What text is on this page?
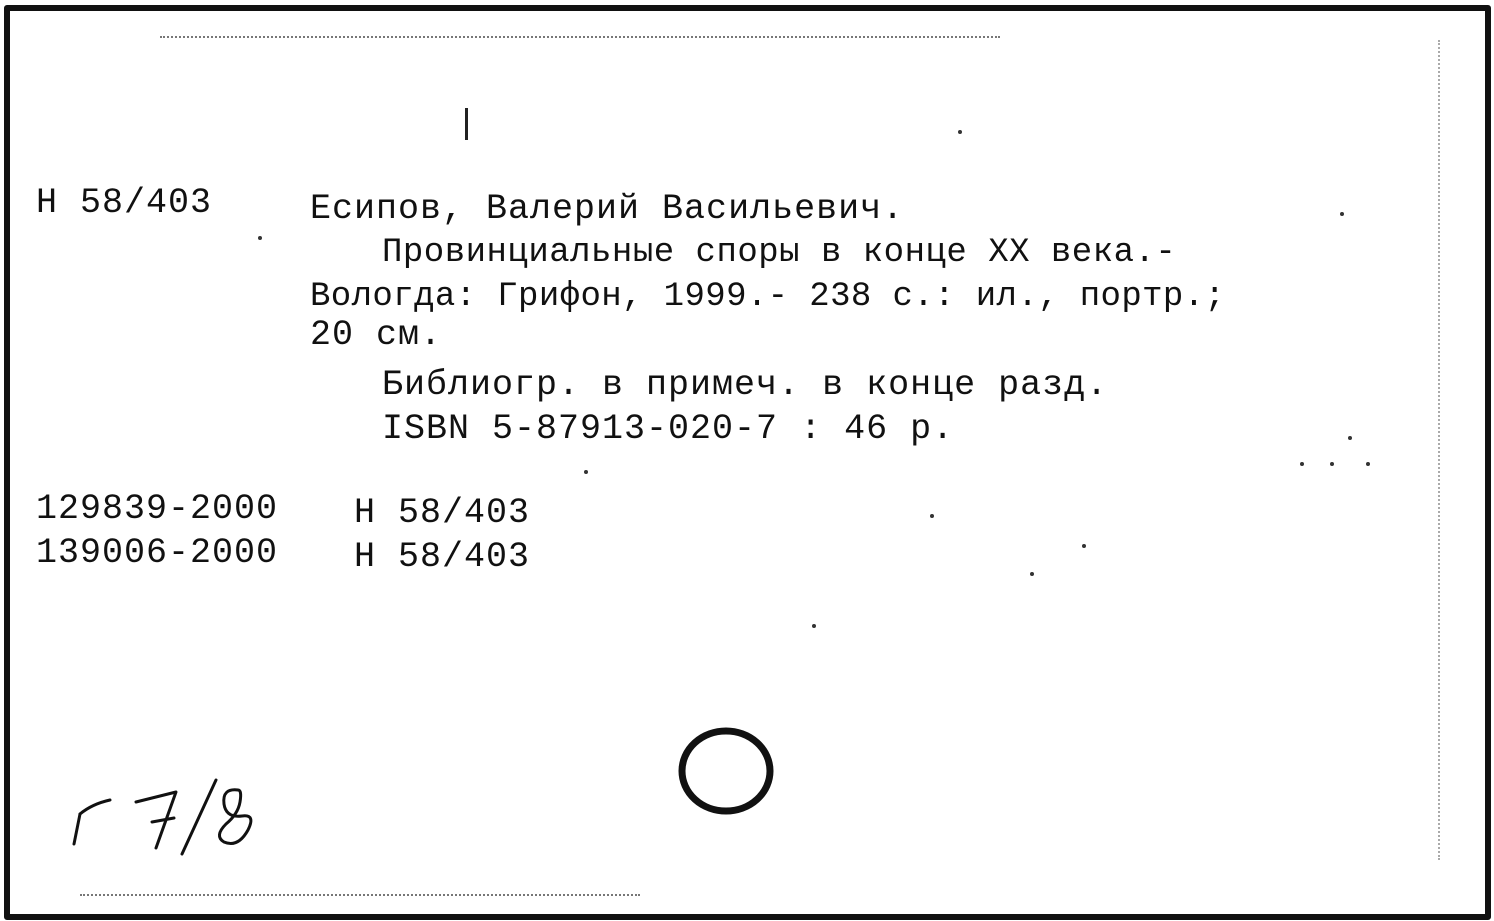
Н 58/403	Есипов, Валерий Васильевич.
Провинциальные споры в конце ХХ века.-
Вологда: Грифон, 1999.- 238 с.: ил., портр.;
20 см.
Библиогр. в примеч. в конце разд.
ISBN 5-87913-020-7 : 46 р.
129839-2000 Н 58/403
139006-2000 Н 58/403
